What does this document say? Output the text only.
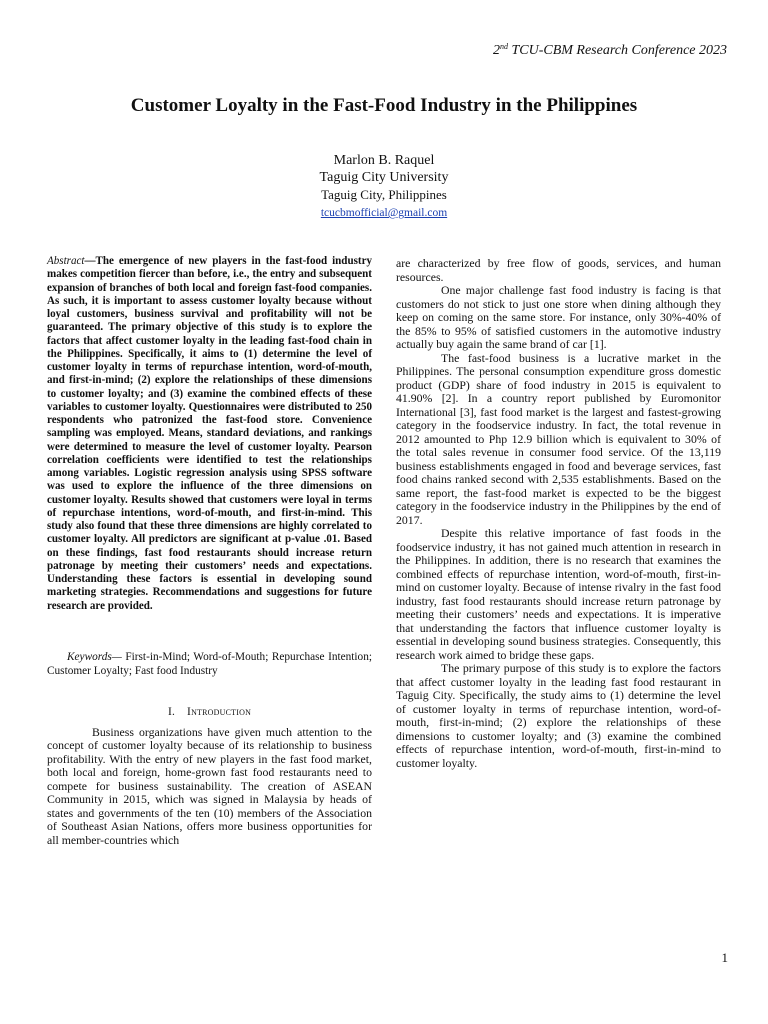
2nd TCU-CBM Research Conference 2023
Customer Loyalty in the Fast-Food Industry in the Philippines
Marlon B. Raquel
Taguig City University
Taguig City, Philippines
tcucbmofficial@gmail.com

Abstract—The emergence of new players in the fast-food industry makes competition fiercer than before, i.e., the entry and subsequent expansion of branches of both local and foreign fast-food companies. As such, it is important to assess customer loyalty because without loyal customers, business survival and profitability will not be guaranteed. The primary objective of this study is to explore the factors that affect customer loyalty in the leading fast-food chain in the Philippines. Specifically, it aims to (1) determine the level of customer loyalty in terms of repurchase intention, word-of-mouth, and first-in-mind; (2) explore the relationships of these dimensions to customer loyalty; and (3) examine the combined effects of these variables to customer loyalty. Questionnaires were distributed to 250 respondents who patronized the fast-food store. Convenience sampling was employed. Means, standard deviations, and rankings were determined to measure the level of customer loyalty. Pearson correlation coefficients were identified to test the relationships among variables. Logistic regression analysis using SPSS software was used to explore the influence of the three dimensions on customer loyalty. Results showed that customers were loyal in terms of repurchase intentions, word-of-mouth, and first-in-mind. This study also found that these three dimensions are highly correlated to customer loyalty. All predictors are significant at p-value .01. Based on these findings, fast food restaurants should increase return patronage by meeting their customers’ needs and expectations. Understanding these factors is essential in developing sound marketing strategies. Recommendations and suggestions for future research are provided.

Keywords— First-in-Mind; Word-of-Mouth; Repurchase Intention; Customer Loyalty; Fast food Industry

I. Introduction

Business organizations have given much attention to the concept of customer loyalty because of its relationship to business profitability. With the entry of new players in the fast food market, both local and foreign, home-grown fast food restaurants need to compete for business sustainability. The creation of ASEAN Community in 2015, which was signed in Malaysia by heads of states and governments of the ten (10) members of the Association of Southeast Asian Nations, offers more business opportunities for all member-countries which

are characterized by free flow of goods, services, and human resources.

One major challenge fast food industry is facing is that customers do not stick to just one store when dining although they keep on coming on the same store. For instance, only 30%-40% of the 85% to 95% of satisfied customers in the automotive industry actually buy again the same brand of car [1].

The fast-food business is a lucrative market in the Philippines. The personal consumption expenditure gross domestic product (GDP) share of food industry in 2015 is equivalent to 41.90% [2]. In a country report published by Euromonitor International [3], fast food market is the largest and fastest-growing category in the foodservice industry. In fact, the total revenue in 2012 amounted to Php 12.9 billion which is equivalent to 30% of the total sales revenue in consumer food service. Of the 13,119 business establishments engaged in food and beverage services, fast food chains ranked second with 2,535 establishments. Based on the same report, the fast-food market is expected to be the biggest category in the foodservice industry in the Philippines by the end of 2017.

Despite this relative importance of fast foods in the foodservice industry, it has not gained much attention in research in the Philippines. In addition, there is no research that examines the combined effects of repurchase intention, word-of-mouth, first-in-mind on customer loyalty. Because of intense rivalry in the fast food industry, fast food restaurants should increase return patronage by meeting their customers’ needs and expectations. It is imperative that understanding the factors that influence customer loyalty is essential in developing sound business strategies. Consequently, this research work aimed to bridge these gaps.

The primary purpose of this study is to explore the factors that affect customer loyalty in the leading fast food restaurant in Taguig City. Specifically, the study aims to (1) determine the level of customer loyalty in terms of repurchase intention, word-of-mouth, first-in-mind; (2) explore the relationships of these dimensions to customer loyalty; and (3) examine the combined effects of repurchase intention, word-of-mouth, first-in-mind to customer loyalty.

1
